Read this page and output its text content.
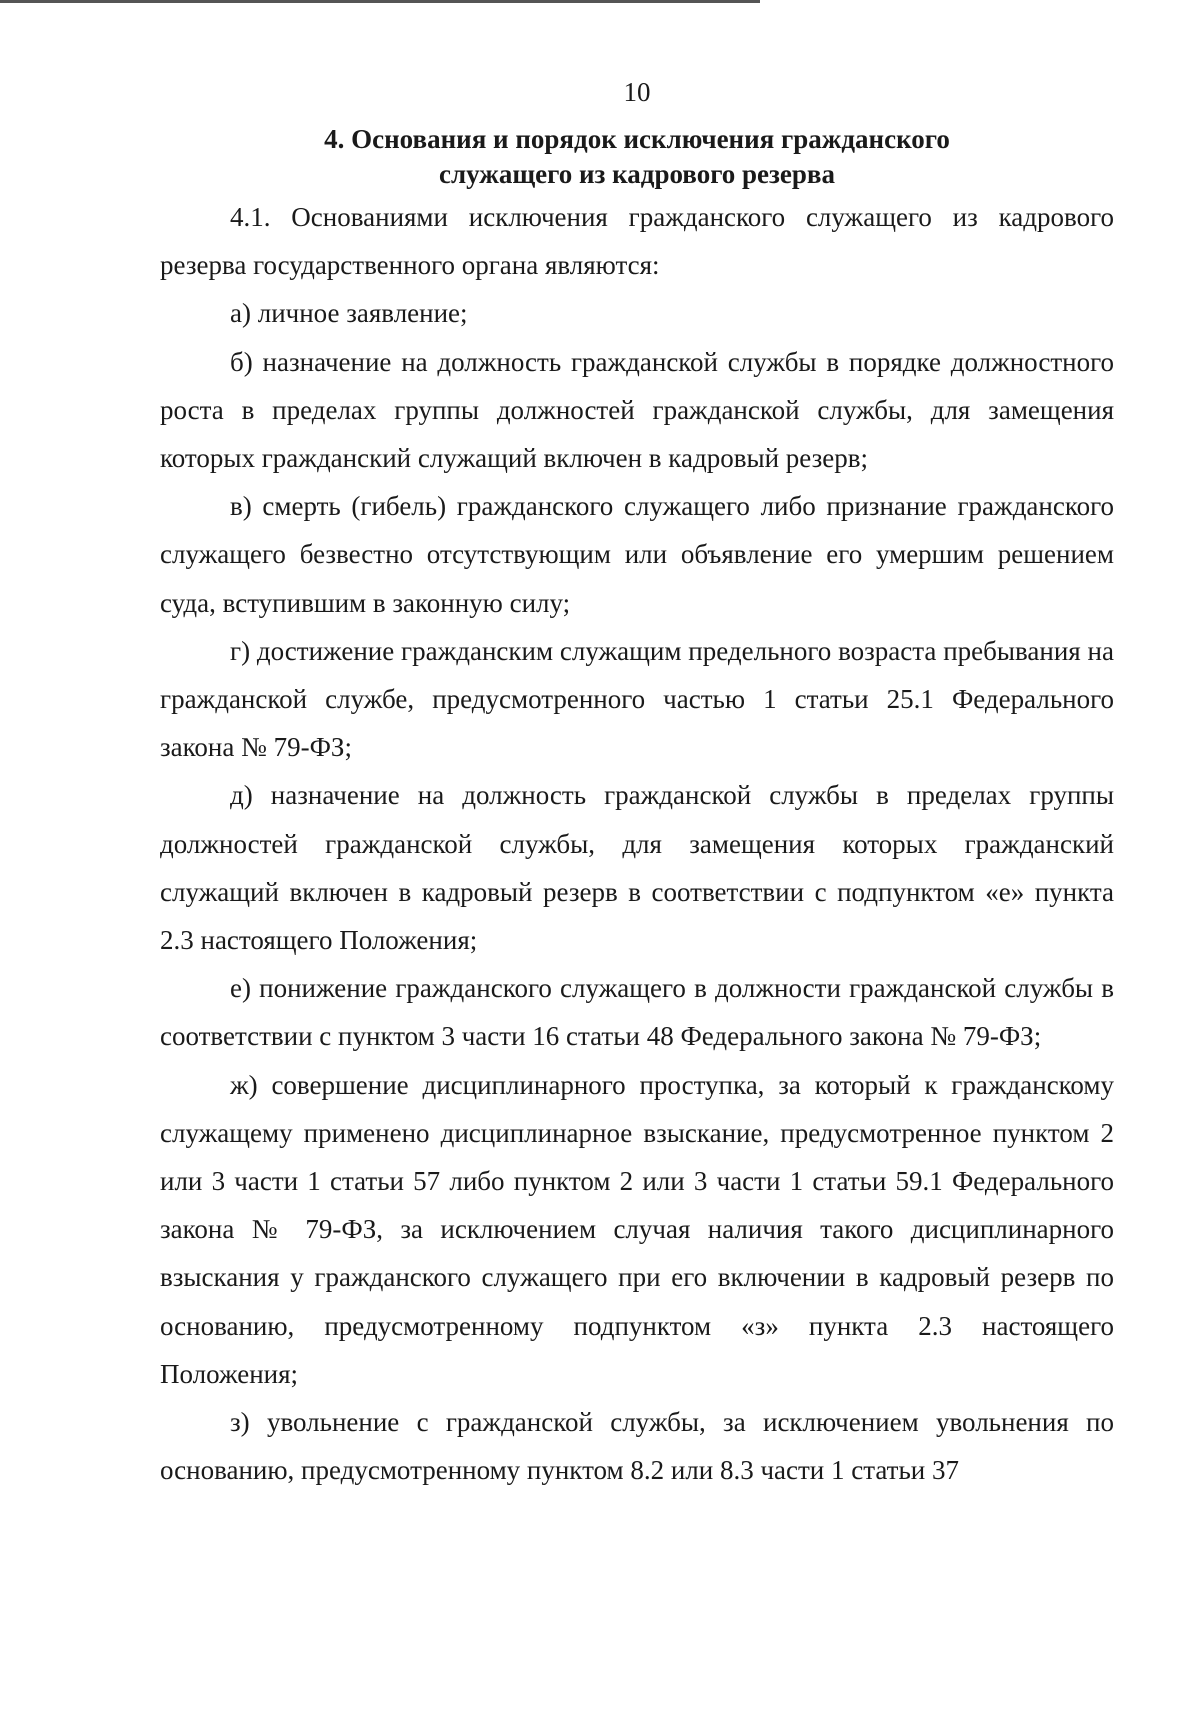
10
4. Основания и порядок исключения гражданского
служащего из кадрового резерва

4.1. Основаниями исключения гражданского служащего из кадрового резерва государственного органа являются:

а) личное заявление;

б) назначение на должность гражданской службы в порядке должностного роста в пределах группы должностей гражданской службы, для замещения которых гражданский служащий включен в кадровый резерв;

в) смерть (гибель) гражданского служащего либо признание гражданского служащего безвестно отсутствующим или объявление его умершим решением суда, вступившим в законную силу;

г) достижение гражданским служащим предельного возраста пребывания на гражданской службе, предусмотренного частью 1 статьи 25.1 Федерального закона № 79-ФЗ;

д) назначение на должность гражданской службы в пределах группы должностей гражданской службы, для замещения которых гражданский служащий включен в кадровый резерв в соответствии с подпунктом «е» пункта 2.3 настоящего Положения;

е) понижение гражданского служащего в должности гражданской службы в соответствии с пунктом 3 части 16 статьи 48 Федерального закона № 79-ФЗ;

ж) совершение дисциплинарного проступка, за который к гражданскому служащему применено дисциплинарное взыскание, предусмотренное пунктом 2 или 3 части 1 статьи 57 либо пунктом 2 или 3 части 1 статьи 59.1 Федерального закона № 79-ФЗ, за исключением случая наличия такого дисциплинарного взыскания у гражданского служащего при его включении в кадровый резерв по основанию, предусмотренному подпунктом «з» пункта 2.3 настоящего Положения;

з) увольнение с гражданской службы, за исключением увольнения по основанию, предусмотренному пунктом 8.2 или 8.3 части 1 статьи 37
